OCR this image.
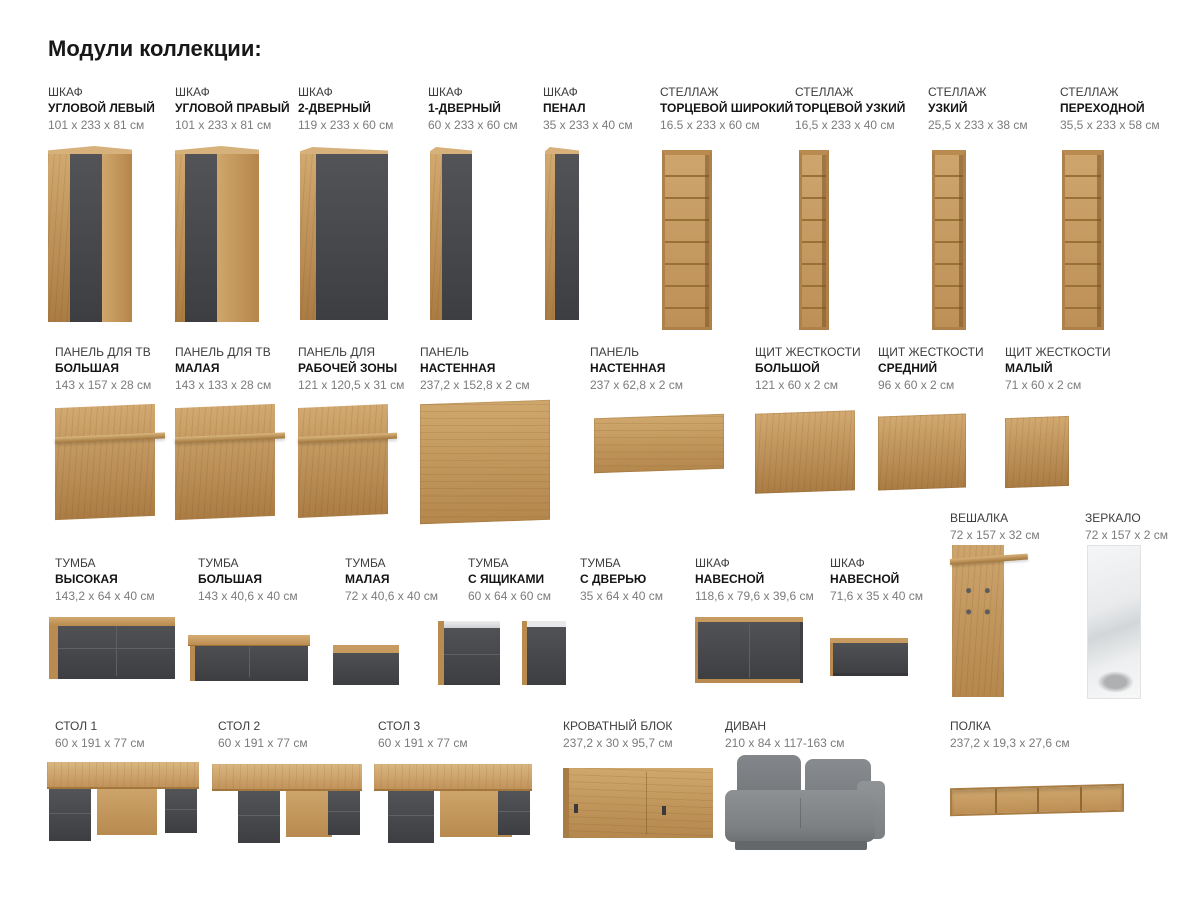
Модули коллекции:
ШКАФ
УГЛОВОЙ ЛЕВЫЙ
101 х 233 х 81 см
ШКАФ
УГЛОВОЙ ПРАВЫЙ
101 х 233 х 81 см
ШКАФ
2-ДВЕРНЫЙ
119 х 233 х 60 см
ШКАФ
1-ДВЕРНЫЙ
60 х 233 х 60 см
ШКАФ
ПЕНАЛ
35 х 233 х 40 см
СТЕЛЛАЖ
ТОРЦЕВОЙ ШИРОКИЙ
16.5 х 233 х 60 см
СТЕЛЛАЖ
ТОРЦЕВОЙ УЗКИЙ
16,5 х 233 х 40 см
СТЕЛЛАЖ
УЗКИЙ
25,5 х 233 х 38 см
СТЕЛЛАЖ
ПЕРЕХОДНОЙ
35,5 х 233 х 58 см
ПАНЕЛЬ ДЛЯ ТВ
БОЛЬШАЯ
143 х 157 х 28 см
ПАНЕЛЬ ДЛЯ ТВ
МАЛАЯ
143 х 133 х 28 см
ПАНЕЛЬ ДЛЯ
РАБОЧЕЙ ЗОНЫ
121 х 120,5 х 31 см
ПАНЕЛЬ
НАСТЕННАЯ
237,2 х 152,8 х 2 см
ПАНЕЛЬ
НАСТЕННАЯ
237 х 62,8 х 2 см
ЩИТ ЖЕСТКОСТИ
БОЛЬШОЙ
121 х 60 х 2 см
ЩИТ ЖЕСТКОСТИ
СРЕДНИЙ
96 х 60 х 2 см
ЩИТ ЖЕСТКОСТИ
МАЛЫЙ
71 х 60 х 2 см
ВЕШАЛКА
72 х 157 х 32 см
ЗЕРКАЛО
72 х 157 х 2 см
ТУМБА
ВЫСОКАЯ
143,2 х 64 х 40 см
ТУМБА
БОЛЬШАЯ
143 х 40,6 х 40 см
ТУМБА
МАЛАЯ
72 х 40,6 х 40 см
ТУМБА
С ЯЩИКАМИ
60 х 64 х 60 см
ТУМБА
С ДВЕРЬЮ
35 х 64 х 40 см
ШКАФ
НАВЕСНОЙ
118,6 х 79,6 х 39,6 см
ШКАФ
НАВЕСНОЙ
71,6 х 35 х 40 см
СТОЛ 1
60 х 191 х 77 см
СТОЛ 2
60 х 191 х 77 см
СТОЛ 3
60 х 191 х 77 см
КРОВАТНЫЙ БЛОК
237,2 х 30 х 95,7 см
ДИВАН
210 х 84 х 117-163 см
ПОЛКА
237,2 х 19,3 х 27,6 см
